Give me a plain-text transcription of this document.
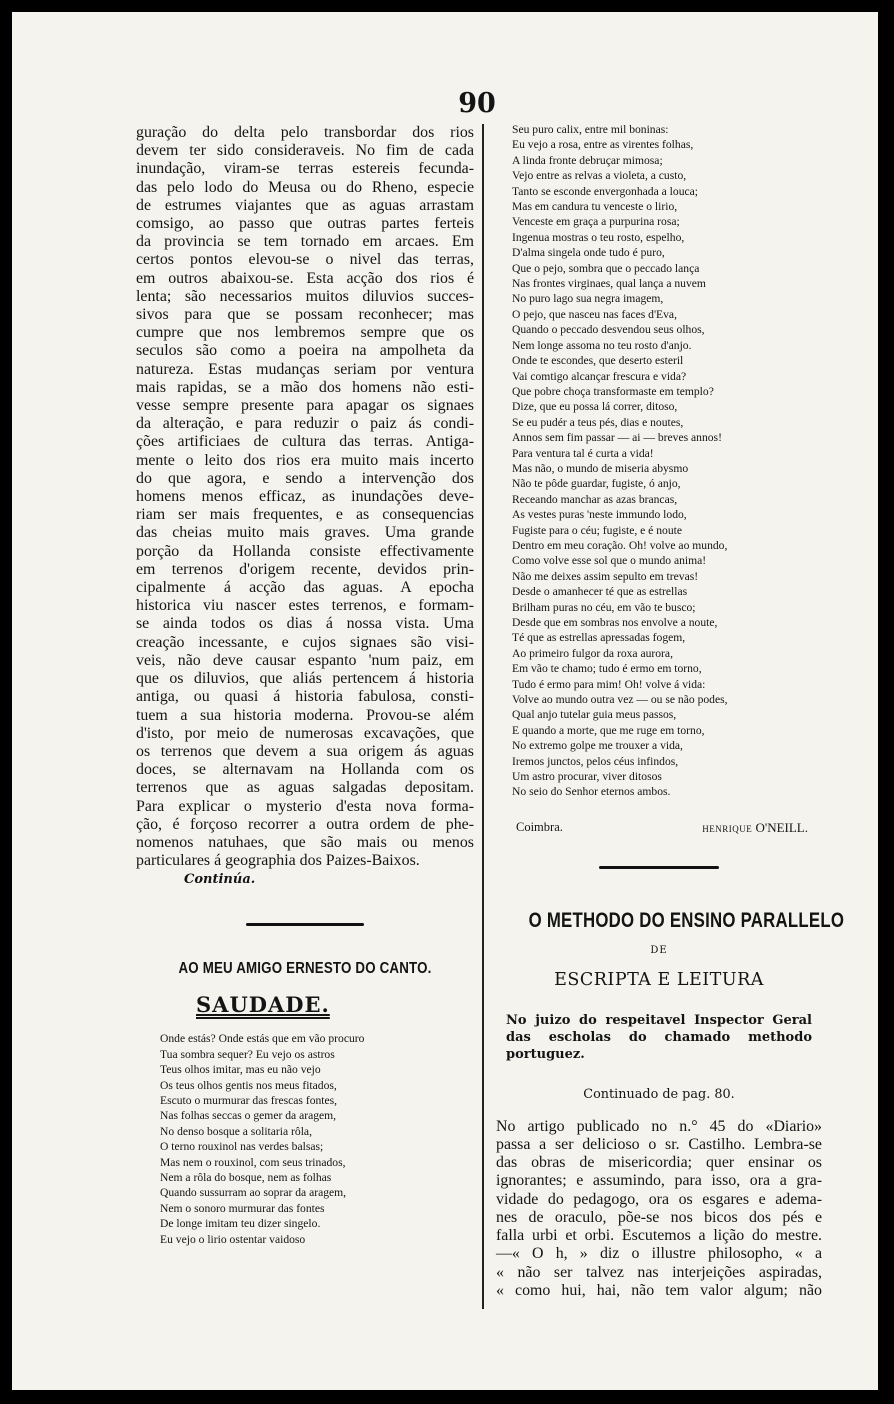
90
guração do delta pelo transbordar dos rios
devem ter sido consideraveis. No fim de cada
inundação, viram-se terras estereis fecunda-
das pelo lodo do Meusa ou do Rheno, especie
de estrumes viajantes que as aguas arrastam
comsigo, ao passo que outras partes ferteis
da provincia se tem tornado em arcaes. Em
certos pontos elevou-se o nivel das terras,
em outros abaixou-se. Esta acção dos rios é
lenta; são necessarios muitos diluvios succes-
sivos para que se possam reconhecer; mas
cumpre que nos lembremos sempre que os
seculos são como a poeira na ampolheta da
natureza. Estas mudanças seriam por ventura
mais rapidas, se a mão dos homens não esti-
vesse sempre presente para apagar os signaes
da alteração, e para reduzir o paiz ás condi-
ções artificiaes de cultura das terras. Antiga-
mente o leito dos rios era muito mais incerto
do que agora, e sendo a intervenção dos
homens menos efficaz, as inundações deve-
riam ser mais frequentes, e as consequencias
das cheias muito mais graves. Uma grande
porção da Hollanda consiste effectivamente
em terrenos d'origem recente, devidos prin-
cipalmente á acção das aguas. A epocha
historica viu nascer estes terrenos, e formam-
se ainda todos os dias á nossa vista. Uma
creação incessante, e cujos signaes são visi-
veis, não deve causar espanto 'num paiz, em
que os diluvios, que aliás pertencem á historia
antiga, ou quasi á historia fabulosa, consti-
tuem a sua historia moderna. Provou-se além
d'isto, por meio de numerosas excavações, que
os terrenos que devem a sua origem ás aguas
doces, se alternavam na Hollanda com os
terrenos que as aguas salgadas depositam.
Para explicar o mysterio d'esta nova forma-
ção, é forçoso recorrer a outra ordem de phe-
nomenos natuhaes, que são mais ou menos
particulares á geographia dos Paizes-Baixos.
Continúa.
AO MEU AMIGO ERNESTO DO CANTO.
SAUDADE.
Onde estás? Onde estás que em vão procuro
Tua sombra sequer? Eu vejo os astros
Teus olhos imitar, mas eu não vejo
Os teus olhos gentis nos meus fitados,
Escuto o murmurar das frescas fontes,
Nas folhas seccas o gemer da aragem,
No denso bosque a solitaria rôla,
O terno rouxinol nas verdes balsas;
Mas nem o rouxinol, com seus trinados,
Nem a rôla do bosque, nem as folhas
Quando sussurram ao soprar da aragem,
Nem o sonoro murmurar das fontes
De longe imitam teu dizer singelo.
Eu vejo o lirio ostentar vaidoso
Seu puro calix, entre mil boninas:
Eu vejo a rosa, entre as virentes folhas,
A linda fronte debruçar mimosa;
Vejo entre as relvas a violeta, a custo,
Tanto se esconde envergonhada a louca;
Mas em candura tu venceste o lirio,
Venceste em graça a purpurina rosa;
Ingenua mostras o teu rosto, espelho,
D'alma singela onde tudo é puro,
Que o pejo, sombra que o peccado lança
Nas frontes virginaes, qual lança a nuvem
No puro lago sua negra imagem,
O pejo, que nasceu nas faces d'Eva,
Quando o peccado desvendou seus olhos,
Nem longe assoma no teu rosto d'anjo.
Onde te escondes, que deserto esteril
Vai comtigo alcançar frescura e vida?
Que pobre choça transformaste em templo?
Dize, que eu possa lá correr, ditoso,
Se eu pudér a teus pés, dias e noutes,
Annos sem fim passar — ai — breves annos!
Para ventura tal é curta a vida!
Mas não, o mundo de miseria abysmo
Não te pôde guardar, fugiste, ó anjo,
Receando manchar as azas brancas,
As vestes puras 'neste immundo lodo,
Fugiste para o céu; fugiste, e é noute
Dentro em meu coração. Oh! volve ao mundo,
Como volve esse sol que o mundo anima!
Não me deixes assim sepulto em trevas!
Desde o amanhecer té que as estrellas
Brilham puras no céu, em vão te busco;
Desde que em sombras nos envolve a noute,
Té que as estrellas apressadas fogem,
Ao primeiro fulgor da roxa aurora,
Em vão te chamo; tudo é ermo em torno,
Tudo é ermo para mim! Oh! volve á vida:
Volve ao mundo outra vez — ou se não podes,
Qual anjo tutelar guia meus passos,
E quando a morte, que me ruge em torno,
No extremo golpe me trouxer a vida,
Iremos junctos, pelos céus infindos,
Um astro procurar, viver ditosos
No seio do Senhor eternos ambos.
Coimbra.	HENRIQUE O'NEILL.
O METHODO DO ENSINO PARALLELO
DE
ESCRIPTA E LEITURA
No juizo do respeitavel Inspector Geral das escholas do chamado methodo portuguez.
Continuado de pag. 80.
No artigo publicado no n.° 45 do «Diario»
passa a ser delicioso o sr. Castilho. Lembra-se
das obras de misericordia; quer ensinar os
ignorantes; e assumindo, para isso, ora a gra-
vidade do pedagogo, ora os esgares e adema-
nes de oraculo, põe-se nos bicos dos pés e
falla urbi et orbi. Escutemos a lição do mestre.
—« O h, » diz o illustre philosopho, « a
« não ser talvez nas interjeições aspiradas,
« como hui, hai, não tem valor algum; não
